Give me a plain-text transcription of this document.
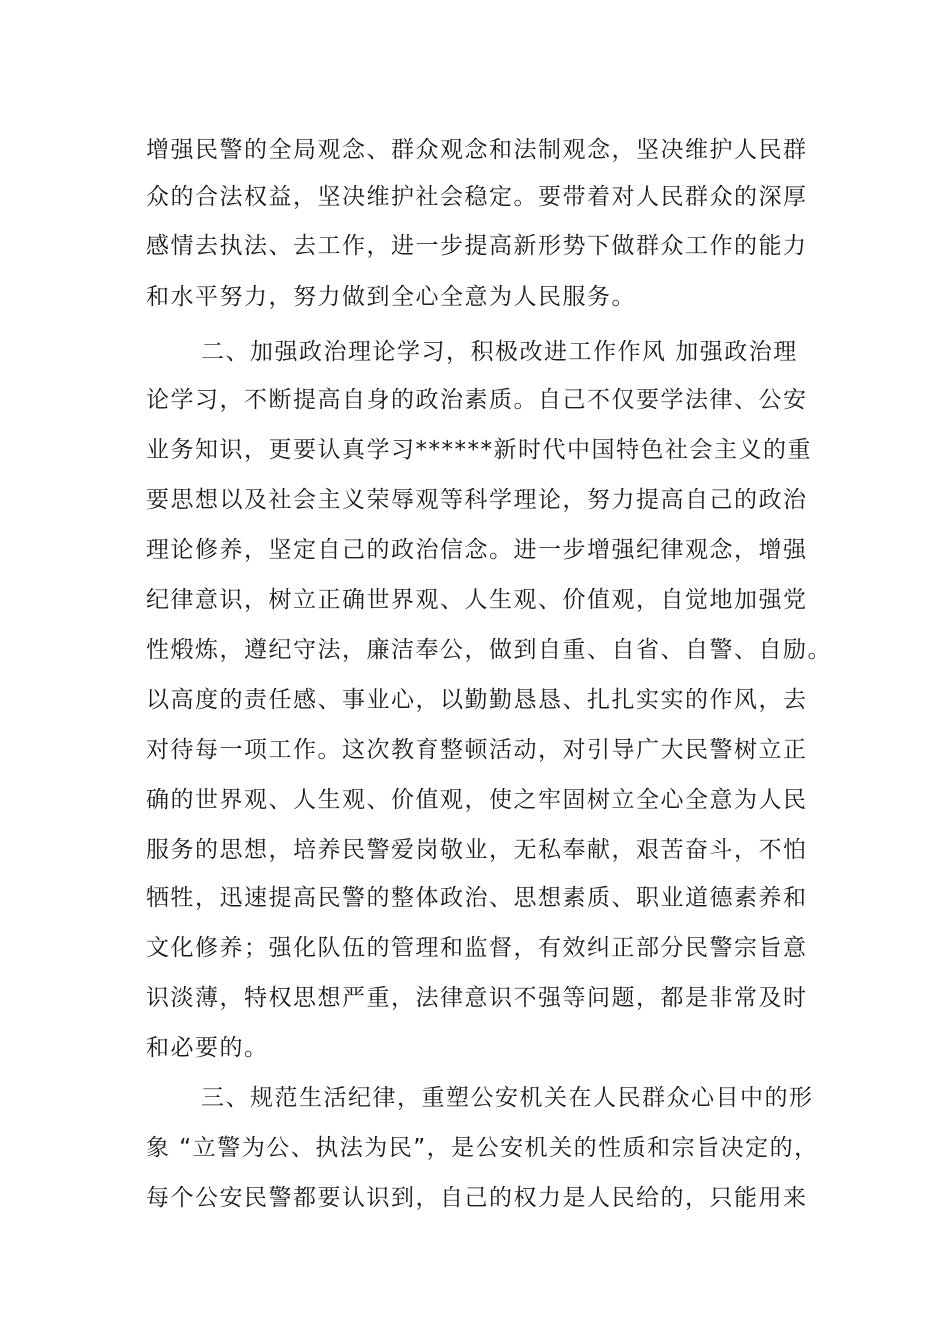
增强民警的全局观念、群众观念和法制观念，坚决维护人民群
众的合法权益，坚决维护社会稳定。要带着对人民群众的深厚
感情去执法、去工作，进一步提高新形势下做群众工作的能力
和水平努力，努力做到全心全意为人民服务。
二、加强政治理论学习，积极改进工作作风 加强政治理
论学习，不断提高自身的政治素质。自己不仅要学法律、公安
业务知识，更要认真学习******新时代中国特色社会主义的重
要思想以及社会主义荣辱观等科学理论，努力提高自己的政治
理论修养，坚定自己的政治信念。进一步增强纪律观念，增强
纪律意识，树立正确世界观、人生观、价值观，自觉地加强党
性煅炼，遵纪守法，廉洁奉公，做到自重、自省、自警、自励。
以高度的责任感、事业心，以勤勤恳恳、扎扎实实的作风，去
对待每一项工作。这次教育整顿活动，对引导广大民警树立正
确的世界观、人生观、价值观，使之牢固树立全心全意为人民
服务的思想，培养民警爱岗敬业，无私奉献，艰苦奋斗，不怕
牺牲，迅速提高民警的整体政治、思想素质、职业道德素养和
文化修养；强化队伍的管理和监督，有效纠正部分民警宗旨意
识淡薄，特权思想严重，法律意识不强等问题，都是非常及时
和必要的。
三、规范生活纪律，重塑公安机关在人民群众心目中的形
象 “立警为公、执法为民”，是公安机关的性质和宗旨决定的，
每个公安民警都要认识到，自己的权力是人民给的，只能用来
